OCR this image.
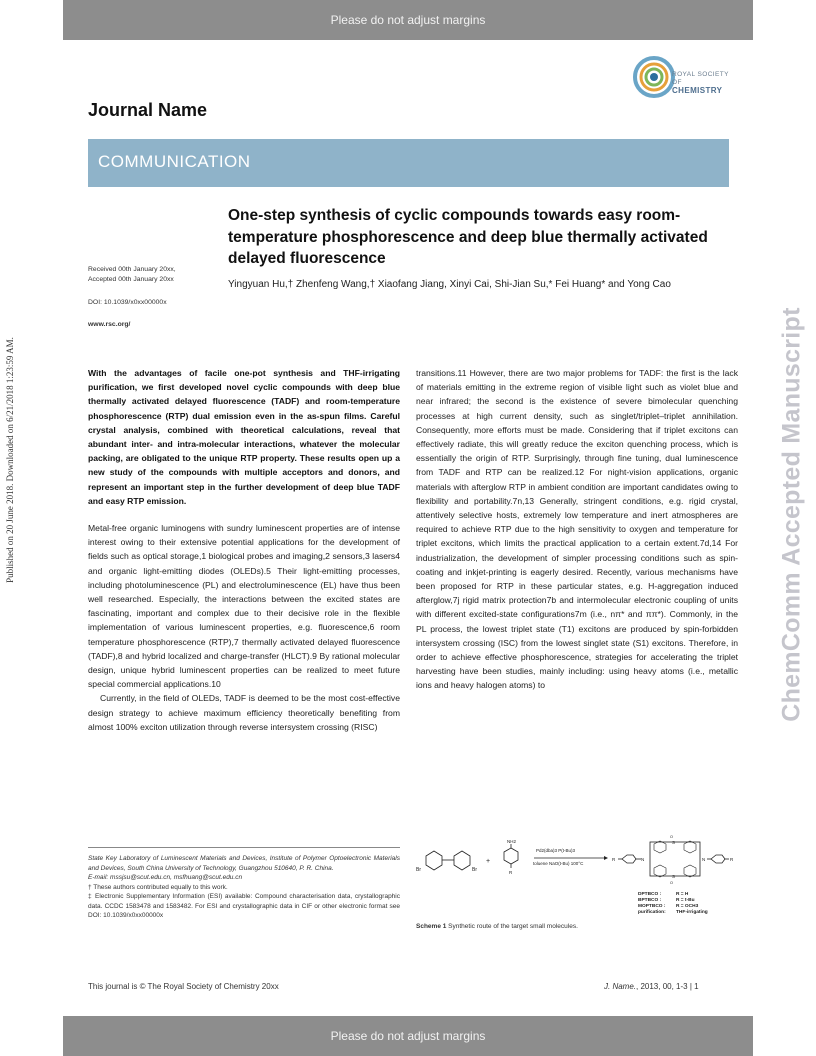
Please do not adjust margins
Published on 20 June 2018. Downloaded on 6/21/2018 1:23:59 AM.	ChemComm Accepted Manuscript
ROYAL SOCIETY
OF
CHEMISTRY
Journal Name
COMMUNICATION
One-step synthesis of cyclic compounds towards easy room-temperature phosphorescence and deep blue thermally activated delayed fluorescence
Received 00th January 20xx,
Accepted 00th January 20xx
DOI: 10.1039/x0xx00000x
www.rsc.org/
Yingyuan Hu,† Zhenfeng Wang,† Xiaofang Jiang, Xinyi Cai, Shi-Jian Su,* Fei Huang* and Yong Cao

With the advantages of facile one-pot synthesis and THF-irrigating purification, we first developed novel cyclic compounds with deep blue thermally activated delayed fluorescence (TADF) and room-temperature phosphorescence (RTP) dual emission even in the as-spun films. Careful crystal analysis, combined with theoretical calculations, reveal that abundant inter- and intra-molecular interactions, whatever the molecular packing, are obligated to the unique RTP property. These results open up a new study of the compounds with multiple acceptors and donors, and represent an important step in the further development of deep blue TADF and easy RTP emission.

Metal-free organic luminogens with sundry luminescent properties are of intense interest owing to their extensive potential applications for the development of fields such as optical storage,1 biological probes and imaging,2 sensors,3 lasers4 and organic light-emitting diodes (OLEDs).5 Their light-emitting processes, including photoluminescence (PL) and electroluminescence (EL) have thus been well researched. Especially, the interactions between the excited states are fascinating, important and complex due to their decisive role in the flexible implementation of various luminescent properties, e.g. fluorescence,6 room temperature phosphorescence (RTP),7 thermally activated delayed fluorescence (TADF),8 and hybrid localized and charge-transfer (HLCT).9 By rational molecular design, unique hybrid luminescent properties can be realized to meet future special commercial applications.10

Currently, in the field of OLEDs, TADF is deemed to be the most cost-effective design strategy to achieve maximum efficiency theoretically benefiting from almost 100% exciton utilization through reverse intersystem crossing (RISC)

transitions.11 However, there are two major problems for TADF: the first is the lack of materials emitting in the extreme region of visible light such as violet blue and near infrared; the second is the existence of severe bimolecular quenching processes at high current density, such as singlet/triplet–triplet annihilation. Consequently, more efforts must be made. Considering that if triplet excitons can effectively radiate, this will greatly reduce the exciton quenching process, which is essentially the origin of RTP. Surprisingly, through fine tuning, dual luminescence from TADF and RTP can be realized.12 For night-vision applications, organic materials with afterglow RTP in ambient condition are important candidates owing to flexibility and portability.7n,13 Generally, stringent conditions, e.g. rigid crystal, attentively selective hosts, extremely low temperature and inert atmospheres are required to achieve RTP due to the high sensitivity to oxygen and temperature for triplet excitons, which limits the practical application to a certain extent.7d,14 For industrialization, the development of simpler processing conditions such as spin-coating and inkjet-printing is eagerly desired. Recently, various mechanisms have been proposed for RTP in these particular states, e.g. H-aggregation induced afterglow,7j rigid matrix protection7b and intermolecular electronic coupling of units with different excited-state configurations7m (i.e., nπ* and ππ*). Commonly, in the PL process, the lowest triplet state (T1) excitons are produced by spin-forbidden intersystem crossing (ISC) from the lowest singlet state (S1) excitons. Therefore, in order to achieve effective phosphorescence, strategies for accelerating the triplet harvesting have been studies, mainly including: using heavy atoms (i.e., metallic ions and heavy halogen atoms) to

State Key Laboratory of Luminescent Materials and Devices, Institute of Polymer Optoelectronic Materials and Devices, South China University of Technology, Guangzhou 510640, P. R. China.

E-mail: mssjsu@scut.edu.cn, msfhuang@scut.edu.cn

† These authors contributed equally to this work.

‡ Electronic Supplementary Information (ESI) available: Compound characterisation data, crystallographic data. CCDC 1583478 and 1583482. For ESI and crystallographic data in CIF or other electronic format see DOI: 10.1039/x0xx00000x

Br	Br
+
NH2
R
Pd2(dba)3 P(t-Bu)3
toluene NaO(t-Bu) 100°C
R	N
S
S
O
O
N	R
DPTBCO :	R = H
BPTBCO :	R = t-Bu
MOPTBCO : R = OCH3
purification: THF-irrigating
Scheme 1 Synthetic route of the target small molecules.
This journal is © The Royal Society of Chemistry 20xx	J. Name., 2013, 00, 1-3 | 1
Please do not adjust margins
